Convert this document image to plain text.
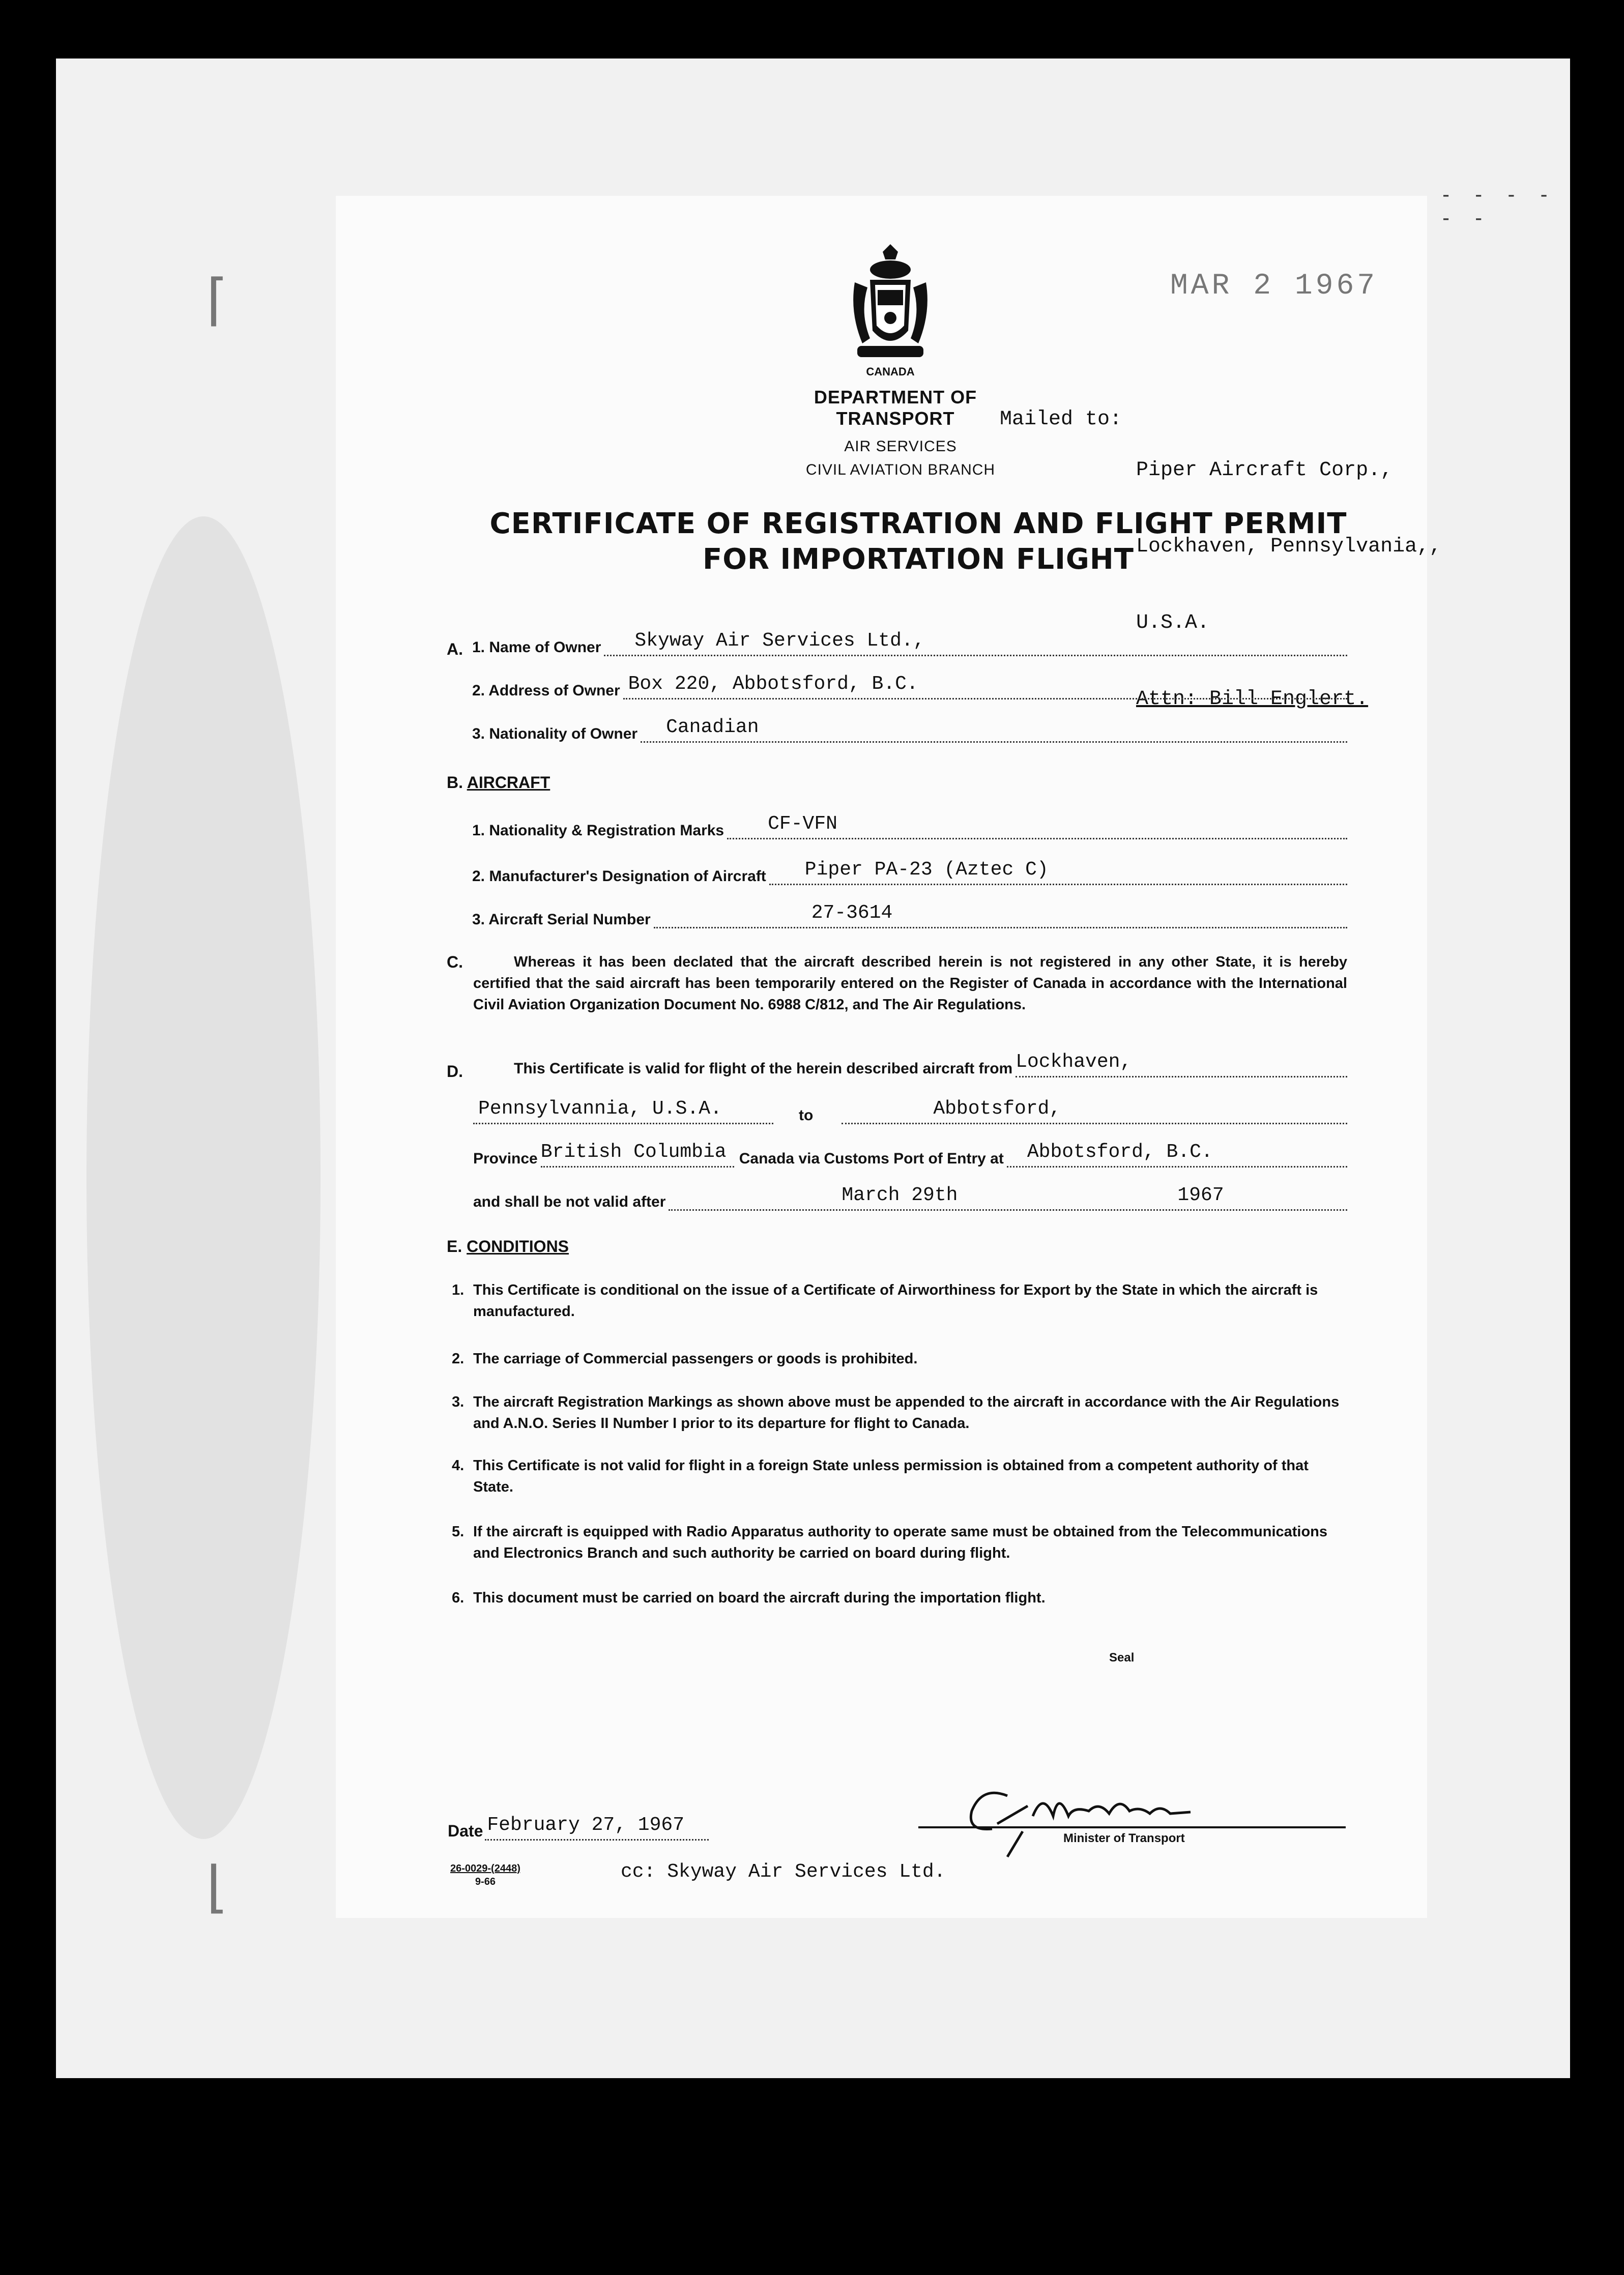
⌈
⌊
- - - - - -
MAR 2 1967
CANADA
DEPARTMENT OF TRANSPORT
AIR SERVICES
CIVIL AVIATION BRANCH
Mailed to:

Piper Aircraft Corp.,

Lockhaven, Pennsylvania,,

U.S.A.

Attn: Bill Englert.

CERTIFICATE OF REGISTRATION AND FLIGHT PERMIT
FOR IMPORTATION FLIGHT
A. 1. Name of Owner Skyway Air Services Ltd.,
2. Address of Owner Box 220, Abbotsford, B.C.
3. Nationality of Owner Canadian
B. AIRCRAFT
1. Nationality & Registration Marks CF-VFN
2. Manufacturer's Designation of Aircraft Piper PA-23 (Aztec C)
3. Aircraft Serial Number	27-3614
C.	Whereas it has been declated that the aircraft described herein is not registered in any other State, it is hereby certified that the said aircraft has been temporarily entered on the Register of Canada in accordance with the International Civil Aviation Organization Document No. 6988 C/812, and The Air Regulations.
D.	This Certificate is valid for flight of the herein described aircraft from Lockhaven,
Pennsylvannia, U.S.A.	to	Abbotsford,
Province British Columbia Canada via Customs Port of Entry at Abbotsford, B.C.
and shall be not valid after	March 29th	1967
E. CONDITIONS
1. This Certificate is conditional on the issue of a Certificate of Airworthiness for Export by the State in which the aircraft is manufactured.
2. The carriage of Commercial passengers or goods is prohibited.
3. The aircraft Registration Markings as shown above must be appended to the aircraft in accordance with the Air Regulations and A.N.O. Series II Number I prior to its departure for flight to Canada.
4. This Certificate is not valid for flight in a foreign State unless permission is obtained from a competent authority of that State.
5. If the aircraft is equipped with Radio Apparatus authority to operate same must be obtained from the Telecommunications and Electronics Branch and such authority be carried on board during flight.
6. This document must be carried on board the aircraft during the importation flight.
Seal
Minister of Transport
Date February 27, 1967
26-0029-(2448)
9-66	cc: Skyway Air Services Ltd.
